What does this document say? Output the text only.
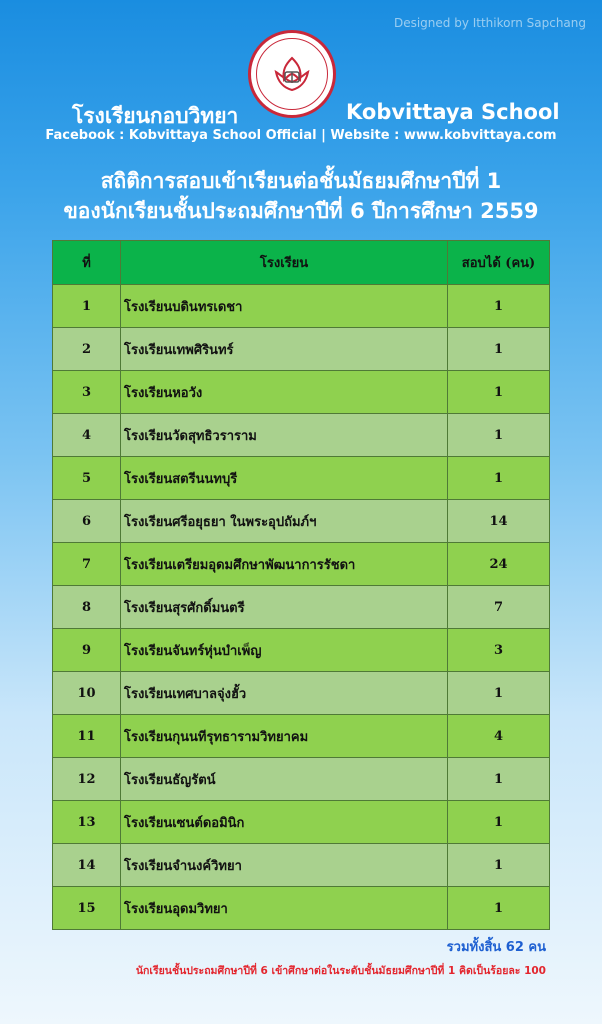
Designed by Itthikorn Sapchang
โรงเรียนกอบวิทยา	Kobvittaya School
Facebook : Kobvittaya School Official | Website : www.kobvittaya.com
สถิติการสอบเข้าเรียนต่อชั้นมัธยมศึกษาปีที่ 1
ของนักเรียนชั้นประถมศึกษาปีที่ 6 ปีการศึกษา 2559
ที่	โรงเรียน	สอบได้ (คน)
1	โรงเรียนบดินทรเดชา	1
2	โรงเรียนเทพศิรินทร์	1
3	โรงเรียนหอวัง	1
4	โรงเรียนวัดสุทธิวราราม	1
5	โรงเรียนสตรีนนทบุรี	1
6	โรงเรียนศรีอยุธยา ในพระอุปถัมภ์ฯ	14
7	โรงเรียนเตรียมอุดมศึกษาพัฒนาการรัชดา	24
8	โรงเรียนสุรศักดิ์มนตรี	7
9	โรงเรียนจันทร์หุ่นบำเพ็ญ	3
10	โรงเรียนเทศบาลจุ่งฮั้ว	1
11	โรงเรียนกุนนทีรุทธารามวิทยาคม	4
12	โรงเรียนธัญรัตน์	1
13	โรงเรียนเซนต์ดอมินิก	1
14	โรงเรียนจำนงค์วิทยา	1
15	โรงเรียนอุดมวิทยา	1
รวมทั้งสิ้น 62 คน
นักเรียนชั้นประถมศึกษาปีที่ 6 เข้าศึกษาต่อในระดับชั้นมัธยมศึกษาปีที่ 1 คิดเป็นร้อยละ 100
